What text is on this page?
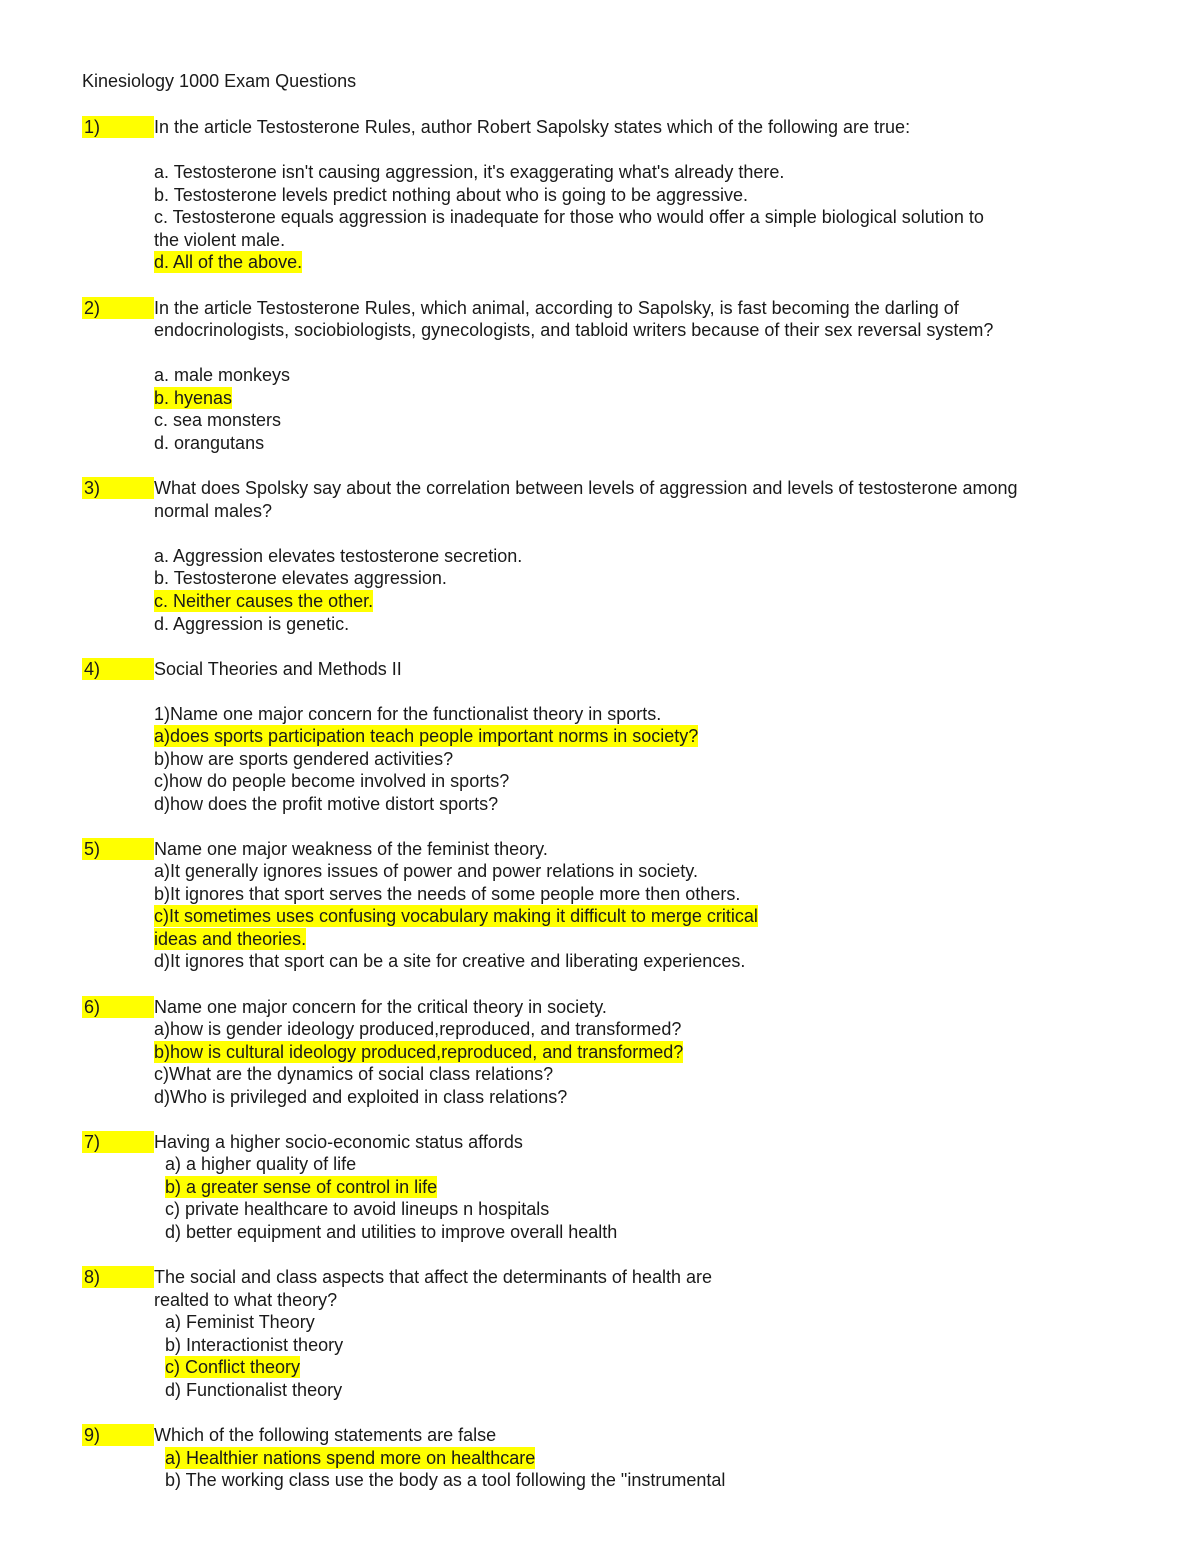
Kinesiology 1000 Exam Questions
1)	In the article Testosterone Rules, author Robert Sapolsky states which of the following are true:
a. Testosterone isn't causing aggression, it's exaggerating what's already there.
b. Testosterone levels predict nothing about who is going to be aggressive.
c. Testosterone equals aggression is inadequate for those who would offer a simple biological solution to
the violent male.
d. All of the above.
2)	In the article Testosterone Rules, which animal, according to Sapolsky, is fast becoming the darling of
endocrinologists, sociobiologists, gynecologists, and tabloid writers because of their sex reversal system?
a. male monkeys
b. hyenas
c. sea monsters
d. orangutans
3)	What does Spolsky say about the correlation between levels of aggression and levels of testosterone among
normal males?
a. Aggression elevates testosterone secretion.
b. Testosterone elevates aggression.
c. Neither causes the other.
d. Aggression is genetic.
4)	Social Theories and Methods II
1)Name one major concern for the functionalist theory in sports.
a)does sports participation teach people important norms in society?
b)how are sports gendered activities?
c)how do people become involved in sports?
d)how does the profit motive distort sports?
5)	Name one major weakness of the feminist theory.
a)It generally ignores issues of power and power relations in society.
b)It ignores that sport serves the needs of some people more then others.
c)It sometimes uses confusing vocabulary making it difficult to merge critical
ideas and theories.
d)It ignores that sport can be a site for creative and liberating experiences.
6)	Name one major concern for the critical theory in society.
a)how is gender ideology produced,reproduced, and transformed?
b)how is cultural ideology produced,reproduced, and transformed?
c)What are the dynamics of social class relations?
d)Who is privileged and exploited in class relations?
7)	Having a higher socio-economic status affords
a) a higher quality of life
b) a greater sense of control in life
c) private healthcare to avoid lineups n hospitals
d) better equipment and utilities to improve overall health
8)	The social and class aspects that affect the determinants of health are
realted to what theory?
a) Feminist Theory
b) Interactionist theory
c) Conflict theory
d) Functionalist theory
9)	Which of the following statements are false
a) Healthier nations spend more on healthcare
b) The working class use the body as a tool following the "instrumental
